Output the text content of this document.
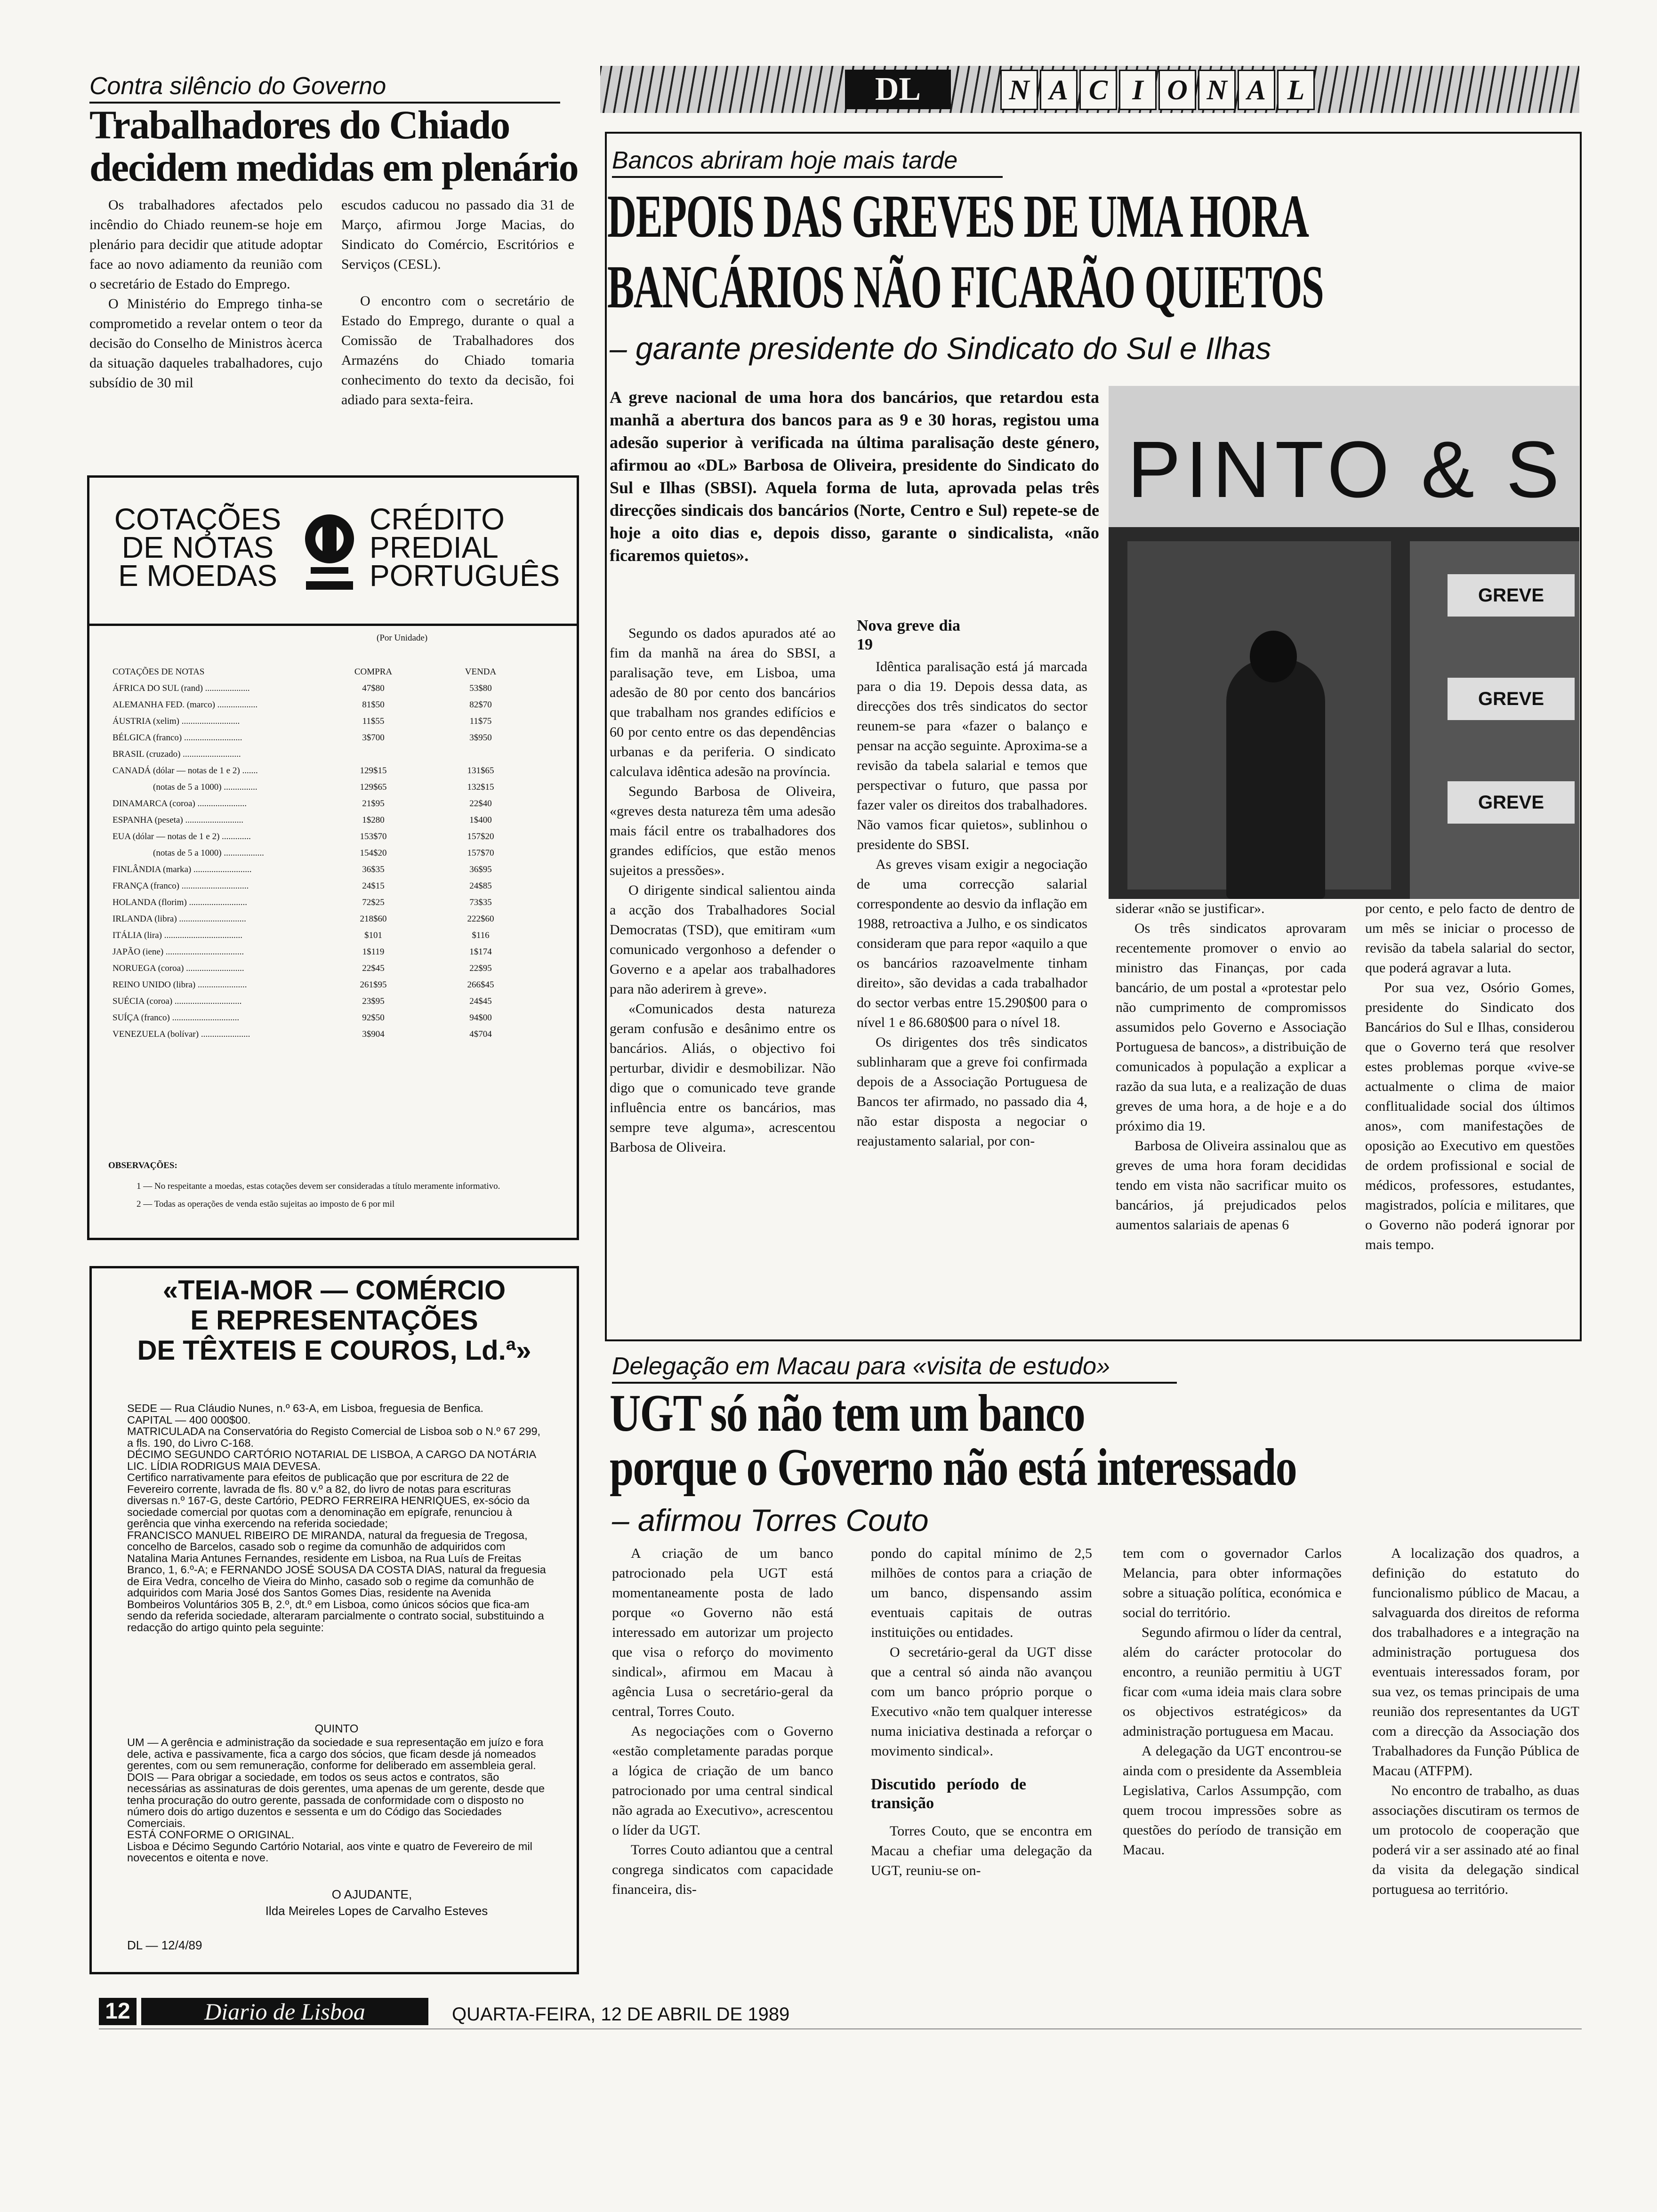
DL	N A C I O N A L
Contra silêncio do Governo
Trabalhadores do Chiado
decidem medidas em plenário

Os trabalhadores afectados pelo incêndio do Chiado reunem-se hoje em plenário para decidir que atitude adoptar face ao novo adiamento da reunião com o secretário de Estado do Emprego.

O Ministério do Emprego tinha-se comprometido a revelar ontem o teor da decisão do Conselho de Ministros àcerca da situação daqueles trabalhadores, cujo subsídio de 30 mil

escudos caducou no passado dia 31 de Março, afirmou Jorge Macias, do Sindicato do Comércio, Escritórios e Serviços (CESL).

O encontro com o secretário de Estado do Emprego, durante o qual a Comissão de Trabalhadores dos Armazéns do Chiado tomaria conhecimento do texto da decisão, foi adiado para sexta-feira.

COTAÇÕES
DE NOTAS
E MOEDAS
CRÉDITO
PREDIAL
PORTUGUÊS
(Por Unidade)
COTAÇÕES DE NOTAS	COMPRA	VENDA
ÁFRICA DO SUL (rand) ....................	47$80	53$80
ALEMANHA FED. (marco) ..................	81$50	82$70
ÁUSTRIA (xelim) ..........................	11$55	11$75
BÉLGICA (franco) ..........................	3$700	3$950
BRASIL (cruzado) ..........................		
CANADÁ (dólar — notas de 1 e 2) .......	129$15	131$65
(notas de 5 a 1000) ...............	129$65	132$15
DINAMARCA (coroa) ......................	21$95	22$40
ESPANHA (peseta) ..........................	1$280	1$400
EUA (dólar — notas de 1 e 2) .............	153$70	157$20
(notas de 5 a 1000) ..................	154$20	157$70
FINLÂNDIA (marka) ..........................	36$35	36$95
FRANÇA (franco) ..............................	24$15	24$85
HOLANDA (florim) ..........................	72$25	73$35
IRLANDA (libra) ..............................	218$60	222$60
ITÁLIA (lira) ...................................	$101	$116
JAPÃO (iene) ...................................	1$119	1$174
NORUEGA (coroa) ..........................	22$45	22$95
REINO UNIDO (libra) ......................	261$95	266$45
SUÉCIA (coroa) ..............................	23$95	24$45
SUÍÇA (franco) ..............................	92$50	94$00
VENEZUELA (bolívar) ......................	3$904	4$704
OBSERVAÇÕES:
1 — No respeitante a moedas, estas cotações devem ser consideradas a título meramente informativo.
2 — Todas as operações de venda estão sujeitas ao imposto de 6 por mil
«TEIA-MOR — COMÉRCIO
E REPRESENTAÇÕES
DE TÊXTEIS E COUROS, Ld.ª»
SEDE — Rua Cláudio Nunes, n.º 63-A, em Lisboa, freguesia de Benfica.
CAPITAL — 400 000$00.
MATRICULADA na Conservatória do Registo Comercial de Lisboa sob o N.º 67 299, a fls. 190, do Livro C-168.
DÉCIMO SEGUNDO CARTÓRIO NOTARIAL DE LISBOA, A CARGO DA NOTÁRIA LIC. LÍDIA RODRIGUS MAIA DEVESA.
Certifico narrativamente para efeitos de publicação que por escritura de 22 de Fevereiro corrente, lavrada de fls. 80 v.º a 82, do livro de notas para escrituras diversas n.º 167-G, deste Cartório, PEDRO FERREIRA HENRIQUES, ex-sócio da sociedade comercial por quotas com a denominação em epígrafe, renunciou à gerência que vinha exercendo na referida sociedade;
FRANCISCO MANUEL RIBEIRO DE MIRANDA, natural da freguesia de Tregosa, concelho de Barcelos, casado sob o regime da comunhão de adquiridos com Natalina Maria Antunes Fernandes, residente em Lisboa, na Rua Luís de Freitas Branco, 1, 6.º-A; e FERNANDO JOSÉ SOUSA DA COSTA DIAS, natural da freguesia de Eira Vedra, concelho de Vieira do Minho, casado sob o regime da comunhão de adquiridos com Maria José dos Santos Gomes Dias, residente na Avenida Bombeiros Voluntários 305 B, 2.º, dt.º em Lisboa, como únicos sócios que fica-am sendo da referida sociedade, alteraram parcialmente o contrato social, substituindo a redacção do artigo quinto pela seguinte:
QUINTO
UM — A gerência e administração da sociedade e sua representação em juízo e fora dele, activa e passivamente, fica a cargo dos sócios, que ficam desde já nomeados gerentes, com ou sem remuneração, conforme for deliberado em assembleia geral.
DOIS — Para obrigar a sociedade, em todos os seus actos e contratos, são necessárias as assinaturas de dois gerentes, uma apenas de um gerente, desde que tenha procuração do outro gerente, passada de conformidade com o disposto no número dois do artigo duzentos e sessenta e um do Código das Sociedades Comerciais.
ESTÁ CONFORME O ORIGINAL.
Lisboa e Décimo Segundo Cartório Notarial, aos vinte e quatro de Fevereiro de mil novecentos e oitenta e nove.
O AJUDANTE,
Ilda Meireles Lopes de Carvalho Esteves
DL — 12/4/89
Bancos abriram hoje mais tarde
DEPOIS DAS GREVES DE UMA HORA
BANCÁRIOS NÃO FICARÃO QUIETOS
– garante presidente do Sindicato do Sul e Ilhas
A greve nacional de uma hora dos bancários, que retardou esta manhã a abertura dos bancos para as 9 e 30 horas, registou uma adesão superior à verificada na última paralisação deste género, afirmou ao «DL» Barbosa de Oliveira, presidente do Sindicato do Sul e Ilhas (SBSI). Aquela forma de luta, aprovada pelas três direcções sindicais dos bancários (Norte, Centro e Sul) repete-se de hoje a oito dias e, depois disso, garante o sindicalista, «não ficaremos quietos».
PINTO & S
GREVE
GREVE
GREVE

Segundo os dados apurados até ao fim da manhã na área do SBSI, a paralisação teve, em Lisboa, uma adesão de 80 por cento dos bancários que trabalham nos grandes edifícios e 60 por cento entre os das dependências urbanas e da periferia. O sindicato calculava idêntica adesão na província.

Segundo Barbosa de Oliveira, «greves desta natureza têm uma adesão mais fácil entre os trabalhadores dos grandes edifícios, que estão menos sujeitos a pressões».

O dirigente sindical salientou ainda a acção dos Trabalhadores Social Democratas (TSD), que emitiram «um comunicado vergonhoso a defender o Governo e a apelar aos trabalhadores para não aderirem à greve».

«Comunicados desta natureza geram confusão e desânimo entre os bancários. Aliás, o objectivo foi perturbar, dividir e desmobilizar. Não digo que o comunicado teve grande influência entre os bancários, mas sempre teve alguma», acrescentou Barbosa de Oliveira.

Nova greve dia 19

Idêntica paralisação está já marcada para o dia 19. Depois dessa data, as direcções dos três sindicatos do sector reunem-se para «fazer o balanço e pensar na acção seguinte. Aproxima-se a revisão da tabela salarial e temos que perspectivar o futuro, que passa por fazer valer os direitos dos trabalhadores. Não vamos ficar quietos», sublinhou o presidente do SBSI.

As greves visam exigir a negociação de uma correcção salarial correspondente ao desvio da inflação em 1988, retroactiva a Julho, e os sindicatos consideram que para repor «aquilo a que os bancários razoavelmente tinham direito», são devidas a cada trabalhador do sector verbas entre 15.290$00 para o nível 1 e 86.680$00 para o nível 18.

Os dirigentes dos três sindicatos sublinharam que a greve foi confirmada depois de a Associação Portuguesa de Bancos ter afirmado, no passado dia 4, não estar disposta a negociar o reajustamento salarial, por con-

siderar «não se justificar».

Os três sindicatos aprovaram recentemente promover o envio ao ministro das Finanças, por cada bancário, de um postal a «protestar pelo não cumprimento de compromissos assumidos pelo Governo e Associação Portuguesa de bancos», a distribuição de comunicados à população a explicar a razão da sua luta, e a realização de duas greves de uma hora, a de hoje e a do próximo dia 19.

Barbosa de Oliveira assinalou que as greves de uma hora foram decididas tendo em vista não sacrificar muito os bancários, já prejudicados pelos aumentos salariais de apenas 6

por cento, e pelo facto de dentro de um mês se iniciar o processo de revisão da tabela salarial do sector, que poderá agravar a luta.

Por sua vez, Osório Gomes, presidente do Sindicato dos Bancários do Sul e Ilhas, considerou que o Governo terá que resolver estes problemas porque «vive-se actualmente o clima de maior conflitualidade social dos últimos anos», com manifestações de oposição ao Executivo em questões de ordem profissional e social de médicos, professores, estudantes, magistrados, polícia e militares, que o Governo não poderá ignorar por mais tempo.

Delegação em Macau para «visita de estudo»
UGT só não tem um banco
porque o Governo não está interessado
– afirmou Torres Couto

A criação de um banco patrocionado pela UGT está momentaneamente posta de lado porque «o Governo não está interessado em autorizar um projecto que visa o reforço do movimento sindical», afirmou em Macau à agência Lusa o secretário-geral da central, Torres Couto.

As negociações com o Governo «estão completamente paradas porque a lógica de criação de um banco patrocionado por uma central sindical não agrada ao Executivo», acrescentou o líder da UGT.

Torres Couto adiantou que a central congrega sindicatos com capacidade financeira, dis-

pondo do capital mínimo de 2,5 milhões de contos para a criação de um banco, dispensando assim eventuais capitais de outras instituições ou entidades.

O secretário-geral da UGT disse que a central só ainda não avançou com um banco próprio porque o Executivo «não tem qualquer interesse numa iniciativa destinada a reforçar o movimento sindical».

Discutido período de transição

Torres Couto, que se encontra em Macau a chefiar uma delegação da UGT, reuniu-se on-

tem com o governador Carlos Melancia, para obter informações sobre a situação política, económica e social do território.

Segundo afirmou o líder da central, além do carácter protocolar do encontro, a reunião permitiu à UGT ficar com «uma ideia mais clara sobre os objectivos estratégicos» da administração portuguesa em Macau.

A delegação da UGT encontrou-se ainda com o presidente da Assembleia Legislativa, Carlos Assumpção, com quem trocou impressões sobre as questões do período de transição em Macau.

A localização dos quadros, a definição do estatuto do funcionalismo público de Macau, a salvaguarda dos direitos de reforma dos trabalhadores e a integração na administração portuguesa dos eventuais interessados foram, por sua vez, os temas principais de uma reunião dos representantes da UGT com a direcção da Associação dos Trabalhadores da Função Pública de Macau (ATFPM).

No encontro de trabalho, as duas associações discutiram os termos de um protocolo de cooperação que poderá vir a ser assinado até ao final da visita da delegação sindical portuguesa ao território.

12	Diario de Lisboa	QUARTA-FEIRA, 12 DE ABRIL DE 1989
